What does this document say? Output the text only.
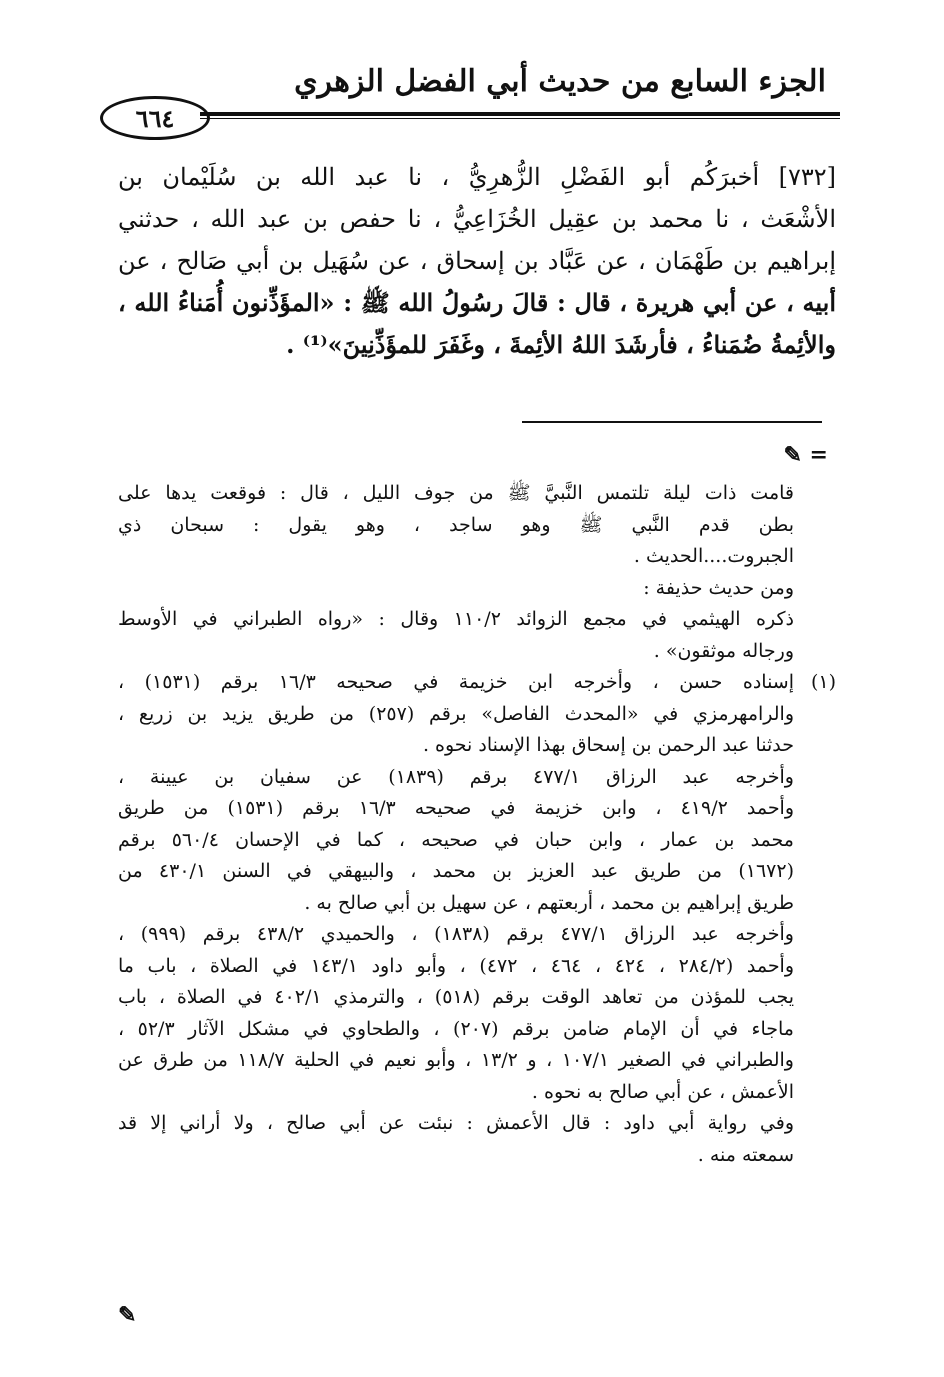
٦٦٤
الجزء السابع من حديث أبي الفضل الزهري
[٧٣٢] أخبرَكُم أبو الفَضْلِ الزُّهرِيُّ ، نا عبد الله بن سُلَيْمان بن
الأشْعَث ، نا محمد بن عقِيل الخُزَاعِيُّ ، نا حفص بن عبد الله ، حدثني
إبراهيم بن طَهْمَان ، عن عَبَّاد بن إسحاق ، عن سُهَيل بن أبي صَالح ، عن
أبيه ، عن أبي هريرة ، قال : قالَ رسُولُ الله ﷺ : «المؤَذِّنون أُمَناءُ الله ،
والأئِمةُ ضُمَناءُ ، فأرشَدَ اللهُ الأئِمةَ ، وغَفَرَ للمؤَذِّنِينَ»⁽¹⁾ .
= ✎
قامت ذات ليلة تلتمس النَّبيَّ ﷺ من جوف الليل ، قال : فوقعت يدها على
بطن قدم النَّبي ﷺ وهو ساجد ، وهو يقول : سبحان ذي
الجبروت....الحديث .
ومن حديث حذيفة :
ذكره الهيثمي في مجمع الزوائد ١١٠/٢ وقال : «رواه الطبراني في الأوسط
ورجاله موثقون» .
(١)
إسناده حسن ، وأخرجه ابن خزيمة في صحيحه ١٦/٣ برقم (١٥٣١) ،
والرامهرمزي في «المحدث الفاصل» برقم (٢٥٧) من طريق يزيد بن زريع ،
حدثنا عبد الرحمن بن إسحاق بهذا الإسناد نحوه .
وأخرجه عبد الرزاق ٤٧٧/١ برقم (١٨٣٩) عن سفيان بن عيينة ،
وأحمد ٤١٩/٢ ، وابن خزيمة في صحيحه ١٦/٣ برقم (١٥٣١) من طريق
محمد بن عمار ، وابن حبان في صحيحه ، كما في الإحسان ٥٦٠/٤ برقم
(١٦٧٢) من طريق عبد العزيز بن محمد ، والبيهقي في السنن ٤٣٠/١ من
طريق إبراهيم بن محمد ، أربعتهم ، عن سهيل بن أبي صالح به .
وأخرجه عبد الرزاق ٤٧٧/١ برقم (١٨٣٨) ، والحميدي ٤٣٨/٢ برقم (٩٩٩) ،
وأحمد (٢٨٤/٢ ، ٤٢٤ ، ٤٦٤ ، ٤٧٢) ، وأبو داود ١٤٣/١ في الصلاة ، باب ما
يجب للمؤذن من تعاهد الوقت برقم (٥١٨) ، والترمذي ٤٠٢/١ في الصلاة ، باب
ماجاء في أن الإمام ضامن برقم (٢٠٧) ، والطحاوي في مشكل الآثار ٥٢/٣ ،
والطبراني في الصغير ١٠٧/١ ، و ١٣/٢ ، وأبو نعيم في الحلية ١١٨/٧ من طرق عن
الأعمش ، عن أبي صالح به نحوه .
وفي رواية أبي داود : قال الأعمش : نبئت عن أبي صالح ، ولا أراني إلا قد
سمعته منه .
✎
